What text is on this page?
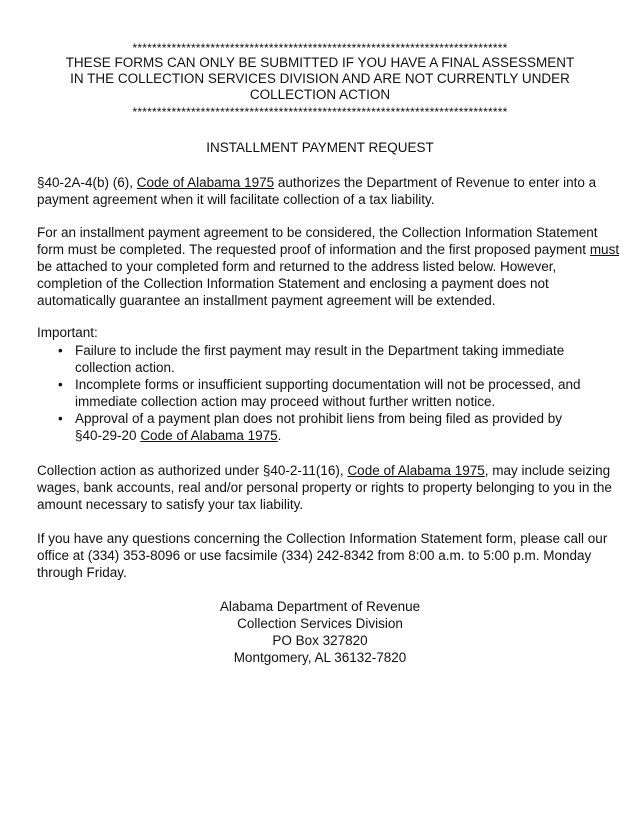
*****************************************************************************
THESE FORMS CAN ONLY BE SUBMITTED IF YOU HAVE A FINAL ASSESSMENT
IN THE COLLECTION SERVICES DIVISION AND ARE NOT CURRENTLY UNDER
COLLECTION ACTION
*****************************************************************************
INSTALLMENT PAYMENT REQUEST
§40-2A-4(b) (6), Code of Alabama 1975 authorizes the Department of Revenue to enter into a
payment agreement when it will facilitate collection of a tax liability.
For an installment payment agreement to be considered, the Collection Information Statement
form must be completed. The requested proof of information and the first proposed payment must
be attached to your completed form and returned to the address listed below. However,
completion of the Collection Information Statement and enclosing a payment does not
automatically guarantee an installment payment agreement will be extended.
Important:
• Failure to include the first payment may result in the Department taking immediate
collection action.
• Incomplete forms or insufficient supporting documentation will not be processed, and
immediate collection action may proceed without further written notice.
• Approval of a payment plan does not prohibit liens from being filed as provided by
§40-29-20 Code of Alabama 1975.
Collection action as authorized under §40-2-11(16), Code of Alabama 1975, may include seizing
wages, bank accounts, real and/or personal property or rights to property belonging to you in the
amount necessary to satisfy your tax liability.
If you have any questions concerning the Collection Information Statement form, please call our
office at (334) 353-8096 or use facsimile (334) 242-8342 from 8:00 a.m. to 5:00 p.m. Monday
through Friday.
Alabama Department of Revenue
Collection Services Division
PO Box 327820
Montgomery, AL 36132-7820
